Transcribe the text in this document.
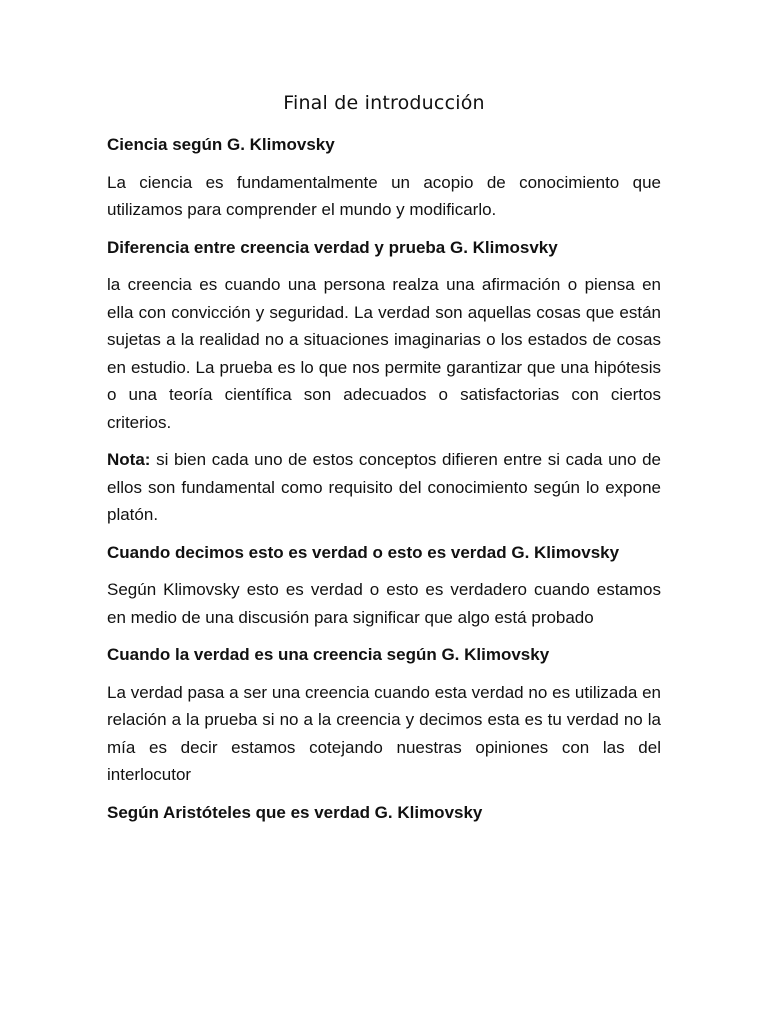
Final de introducción
Ciencia según G. Klimovsky
La ciencia es fundamentalmente un acopio de conocimiento que utilizamos para comprender el mundo y modificarlo.
Diferencia entre creencia verdad y prueba G. Klimosvky
la creencia es cuando una persona realza una afirmación o piensa en ella con convicción y seguridad. La verdad son aquellas cosas que están sujetas a la realidad no a situaciones imaginarias o los estados de cosas en estudio. La prueba es lo que nos permite garantizar que una hipótesis o una teoría científica son adecuados o satisfactorias con ciertos criterios.
Nota: si bien cada uno de estos conceptos difieren entre si cada uno de ellos son fundamental como requisito del conocimiento según lo expone platón.
Cuando decimos esto es verdad o esto es verdad G. Klimovsky
Según Klimovsky esto es verdad o esto es verdadero cuando estamos en medio de una discusión para significar que algo está probado
Cuando la verdad es una creencia según G. Klimovsky
La verdad pasa a ser una creencia cuando esta verdad no es utilizada en relación a la prueba si no a la creencia y decimos esta es tu verdad no la mía es decir estamos cotejando nuestras opiniones con las del interlocutor
Según Aristóteles que es verdad G. Klimovsky
